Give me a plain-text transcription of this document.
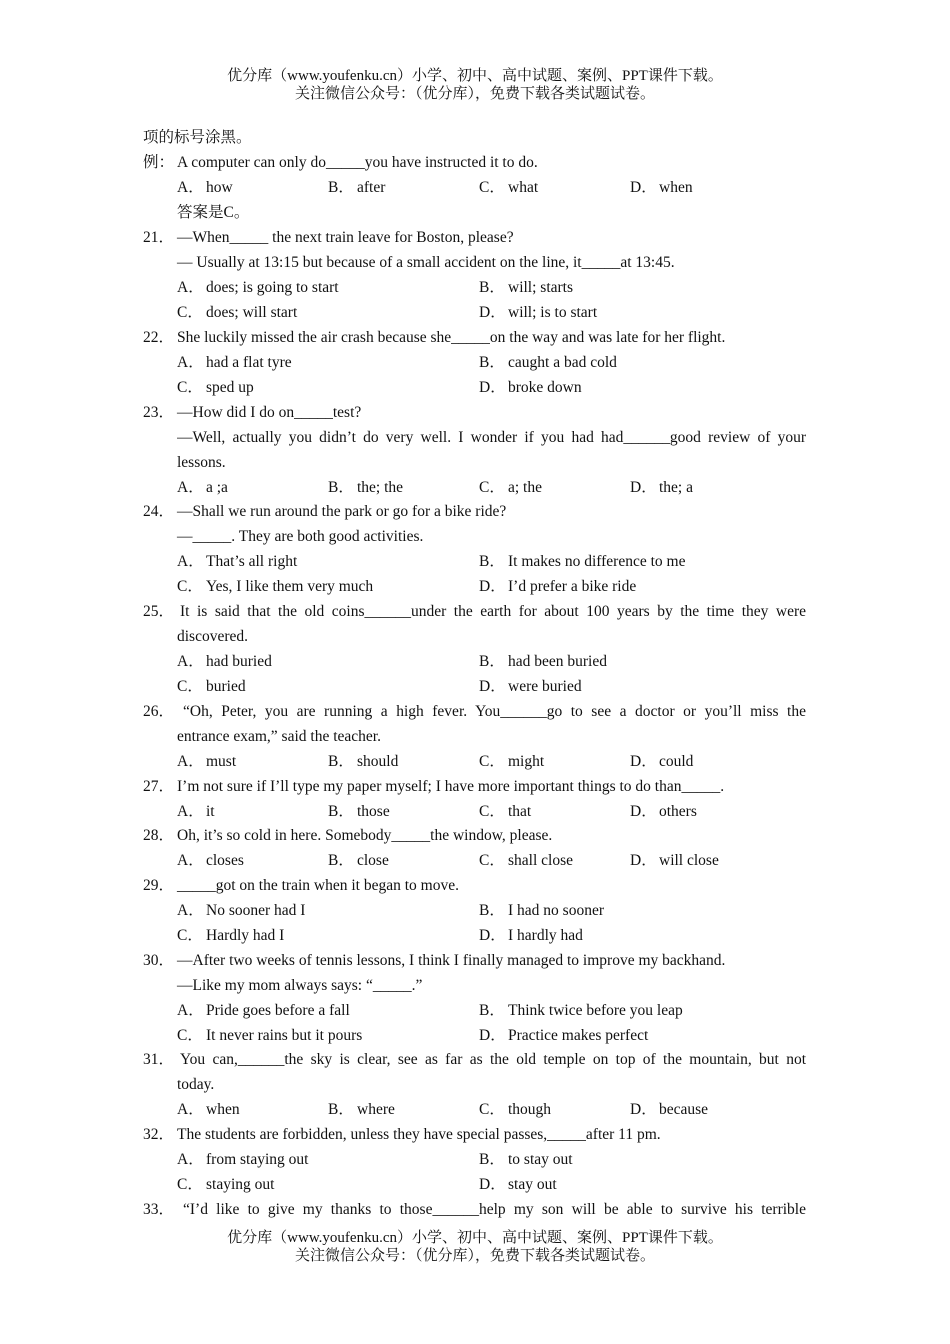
优分库（www.youfenku.cn）小学、初中、高中试题、案例、PPT课件下载。
关注微信公众号：（优分库），免费下载各类试题试卷。
项的标号涂黑。
例： A computer can only do_____you have instructed it to do.
A． how	B． after	C． what	D． when
答案是C。
21． —When_____ the next train leave for Boston, please?
— Usually at 13:15 but because of a small accident on the line, it_____at 13:45.
A． does; is going to start	B． will; starts
C． does; will start	D． will; is to start
22． She luckily missed the air crash because she_____on the way and was late for her flight.
A． had a flat tyre	B． caught a bad cold
C． sped up	D． broke down
23． —How did I do on_____test?
—Well, actually you didn’t do very well. I wonder if you had had______good review of your
lessons.
A． a ;a	B． the; the	C． a; the	D． the; a
24． —Shall we run around the park or go for a bike ride?
—_____. They are both good activities.
A． That’s all right	B． It makes no difference to me
C． Yes, I like them very much	D． I’d prefer a bike ride
25． It is said that the old coins______under the earth for about 100 years by the time they were
discovered.
A． had buried	B． had been buried
C． buried	D． were buried
26． “Oh, Peter, you are running a high fever. You______go to see a doctor or you’ll miss the
entrance exam,” said the teacher.
A． must	B． should	C． might	D． could
27． I’m not sure if I’ll type my paper myself; I have more important things to do than_____.
A． it	B． those	C． that	D． others
28． Oh, it’s so cold in here. Somebody_____the window, please.
A． closes	B． close	C． shall close	D． will close
29． _____got on the train when it began to move.
A． No sooner had I	B． I had no sooner
C． Hardly had I	D． I hardly had
30． —After two weeks of tennis lessons, I think I finally managed to improve my backhand.
—Like my mom always says: “_____.”
A． Pride goes before a fall	B． Think twice before you leap
C． It never rains but it pours	D． Practice makes perfect
31． You can,______the sky is clear, see as far as the old temple on top of the mountain, but not
today.
A． when	B． where	C． though	D． because
32． The students are forbidden, unless they have special passes,_____after 11 pm.
A． from staying out	B． to stay out
C． staying out	D． stay out
33． “I’d like to give my thanks to those______help my son will be able to survive his terrible
优分库（www.youfenku.cn）小学、初中、高中试题、案例、PPT课件下载。
关注微信公众号：（优分库），免费下载各类试题试卷。
